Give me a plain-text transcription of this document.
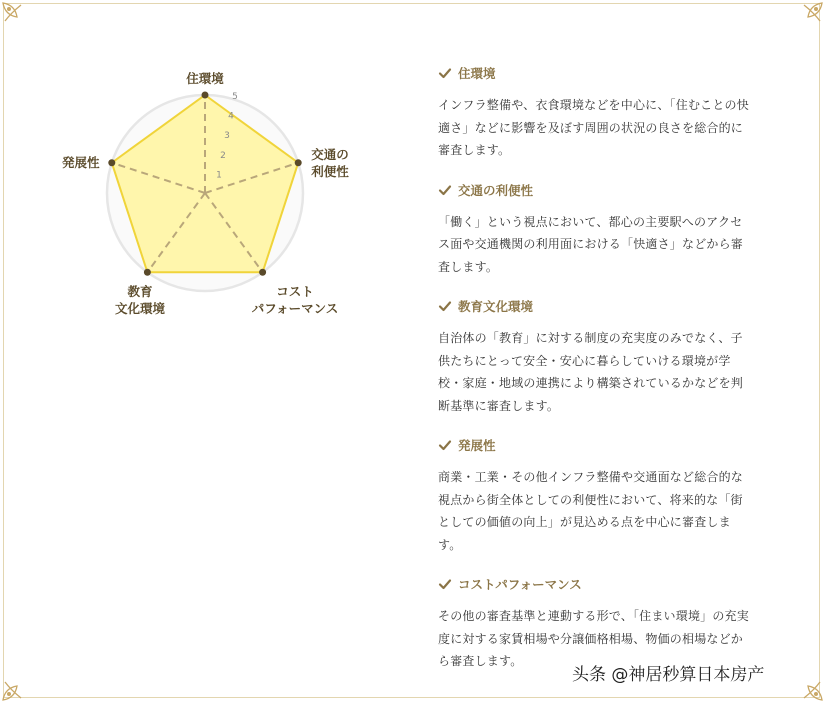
1
2
3
4
5
住環境
交通の
利便性
コスト
パフォーマンス
教育
文化環境
発展性
住環境
インフラ整備や、衣食環境などを中心に、「住むことの快適さ」などに影響を及ぼす周囲の状況の良さを総合的に審査します。
交通の利便性
「働く」という視点において、都心の主要駅へのアクセス面や交通機関の利用面における「快適さ」などから審査します。
教育文化環境
自治体の「教育」に対する制度の充実度のみでなく、子供たちにとって安全・安心に暮らしていける環境が学校・家庭・地域の連携により構築されているかなどを判断基準に審査します。
発展性
商業・工業・その他インフラ整備や交通面など総合的な視点から街全体としての利便性において、将来的な「街としての価値の向上」が見込める点を中心に審査します。
コストパフォーマンス
その他の審査基準と連動する形で、「住まい環境」の充実度に対する家賃相場や分譲価格相場、物価の相場などから審査します。
头条 @神居秒算日本房产
